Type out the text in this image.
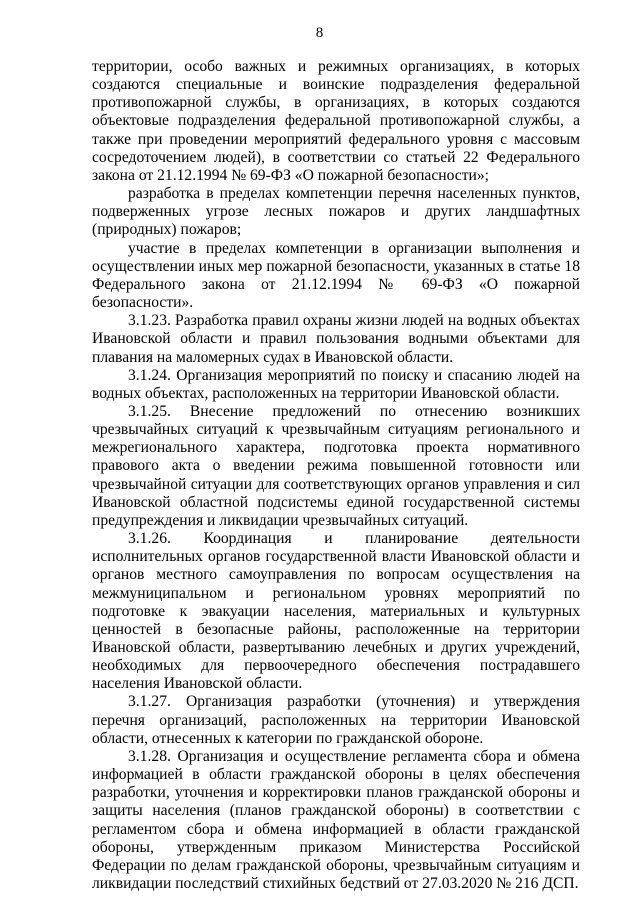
8

территории, особо важных и режимных организациях, в которых создаются специальные и воинские подразделения федеральной противопожарной службы, в организациях, в которых создаются объектовые подразделения федеральной противопожарной службы, а также при проведении мероприятий федерального уровня с массовым сосредоточением людей), в соответствии со статьей 22 Федерального закона от 21.12.1994 № 69-ФЗ «О пожарной безопасности»;

разработка в пределах компетенции перечня населенных пунктов, подверженных угрозе лесных пожаров и других ландшафтных (природных) пожаров;

участие в пределах компетенции в организации выполнения и осуществлении иных мер пожарной безопасности, указанных в статье 18 Федерального закона от 21.12.1994 № 69-ФЗ «О пожарной безопасности».

3.1.23. Разработка правил охраны жизни людей на водных объектах Ивановской области и правил пользования водными объектами для плавания на маломерных судах в Ивановской области.

3.1.24. Организация мероприятий по поиску и спасанию людей на водных объектах, расположенных на территории Ивановской области.

3.1.25. Внесение предложений по отнесению возникших чрезвычайных ситуаций к чрезвычайным ситуациям регионального и межрегионального характера, подготовка проекта нормативного правового акта о введении режима повышенной готовности или чрезвычайной ситуации для соответствующих органов управления и сил Ивановской областной подсистемы единой государственной системы предупреждения и ликвидации чрезвычайных ситуаций.

3.1.26. Координация и планирование деятельности исполнительных органов государственной власти Ивановской области и органов местного самоуправления по вопросам осуществления на межмуниципальном и региональном уровнях мероприятий по подготовке к эвакуации населения, материальных и культурных ценностей в безопасные районы, расположенные на территории Ивановской области, развертыванию лечебных и других учреждений, необходимых для первоочередного обеспечения пострадавшего населения Ивановской области.

3.1.27. Организация разработки (уточнения) и утверждения перечня организаций, расположенных на территории Ивановской области, отнесенных к категории по гражданской обороне.

3.1.28. Организация и осуществление регламента сбора и обмена информацией в области гражданской обороны в целях обеспечения разработки, уточнения и корректировки планов гражданской обороны и защиты населения (планов гражданской обороны) в соответствии с регламентом сбора и обмена информацией в области гражданской обороны, утвержденным приказом Министерства Российской Федерации по делам гражданской обороны, чрезвычайным ситуациям и ликвидации последствий стихийных бедствий от 27.03.2020 № 216 ДСП.
